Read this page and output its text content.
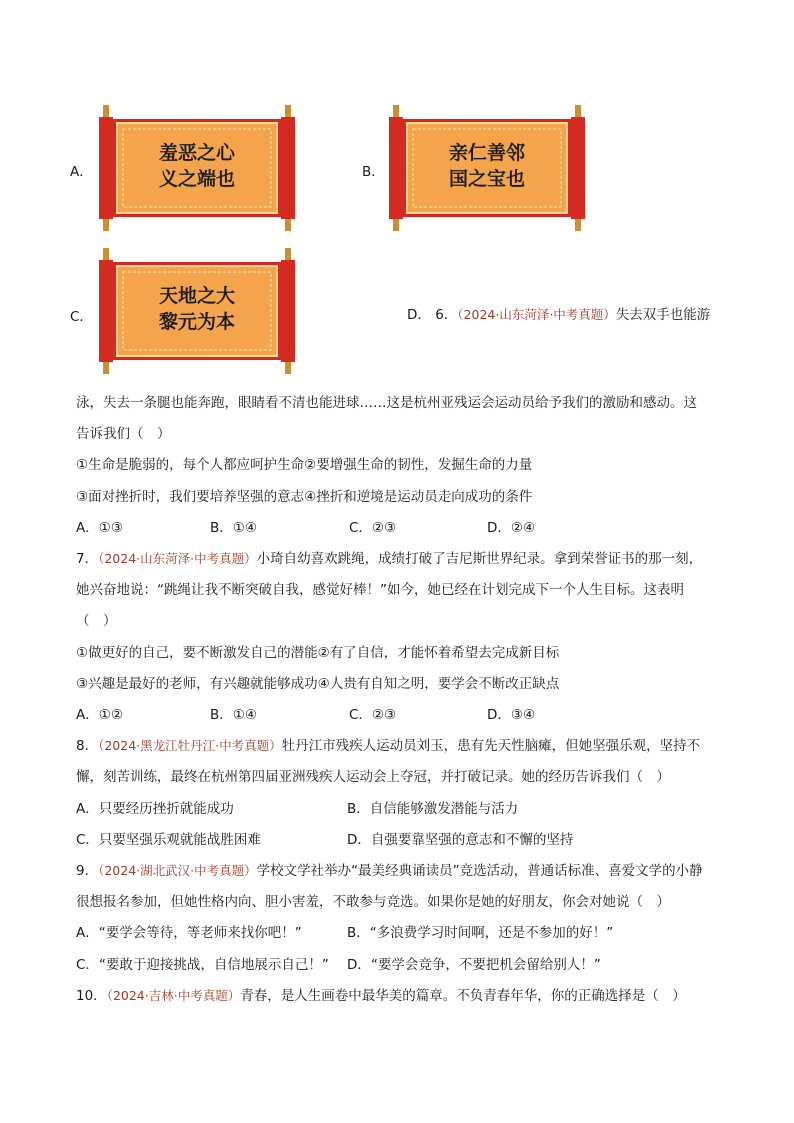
A．
羞恶之心
义之端也	B．
亲仁善邻
国之宝也
C．
天地之大
黎元为本	D． 6．（2024·山东菏泽·中考真题）失去双手也能游
泳，失去一条腿也能奔跑，眼睛看不清也能进球……这是杭州亚残运会运动员给予我们的激励和感动。这
告诉我们（　）
①生命是脆弱的，每个人都应呵护生命②要增强生命的韧性，发掘生命的力量
③面对挫折时，我们要培养坚强的意志④挫折和逆境是运动员走向成功的条件
A．①③	B．①④	C．②③	D．②④
7．（2024·山东菏泽·中考真题）小琦自幼喜欢跳绳，成绩打破了吉尼斯世界纪录。拿到荣誉证书的那一刻，
她兴奋地说：“跳绳让我不断突破自我，感觉好棒！”如今，她已经在计划完成下一个人生目标。这表明
（　）
①做更好的自己，要不断激发自己的潜能②有了自信，才能怀着希望去完成新目标
③兴趣是最好的老师，有兴趣就能够成功④人贵有自知之明，要学会不断改正缺点
A．①②	B．①④	C．②③	D．③④
8．（2024·黑龙江牡丹江·中考真题）牡丹江市残疾人运动员刘玉，患有先天性脑瘫，但她坚强乐观，坚持不
懈，刻苦训练，最终在杭州第四届亚洲残疾人运动会上夺冠，并打破记录。她的经历告诉我们（　）
A．只要经历挫折就能成功	B．自信能够激发潜能与活力
C．只要坚强乐观就能战胜困难	D．自强要靠坚强的意志和不懈的坚持
9．（2024·湖北武汉·中考真题）学校文学社举办“最美经典诵读员”竞选活动，普通话标准、喜爱文学的小静
很想报名参加，但她性格内向、胆小害羞，不敢参与竞选。如果你是她的好朋友，你会对她说（　）
A．“要学会等待，等老师来找你吧！”	B．“多浪费学习时间啊，还是不参加的好！”
C．“要敢于迎接挑战，自信地展示自己！” D．“要学会竞争，不要把机会留给别人！”
10．（2024·吉林·中考真题）青春，是人生画卷中最华美的篇章。不负青春年华，你的正确选择是（　）
